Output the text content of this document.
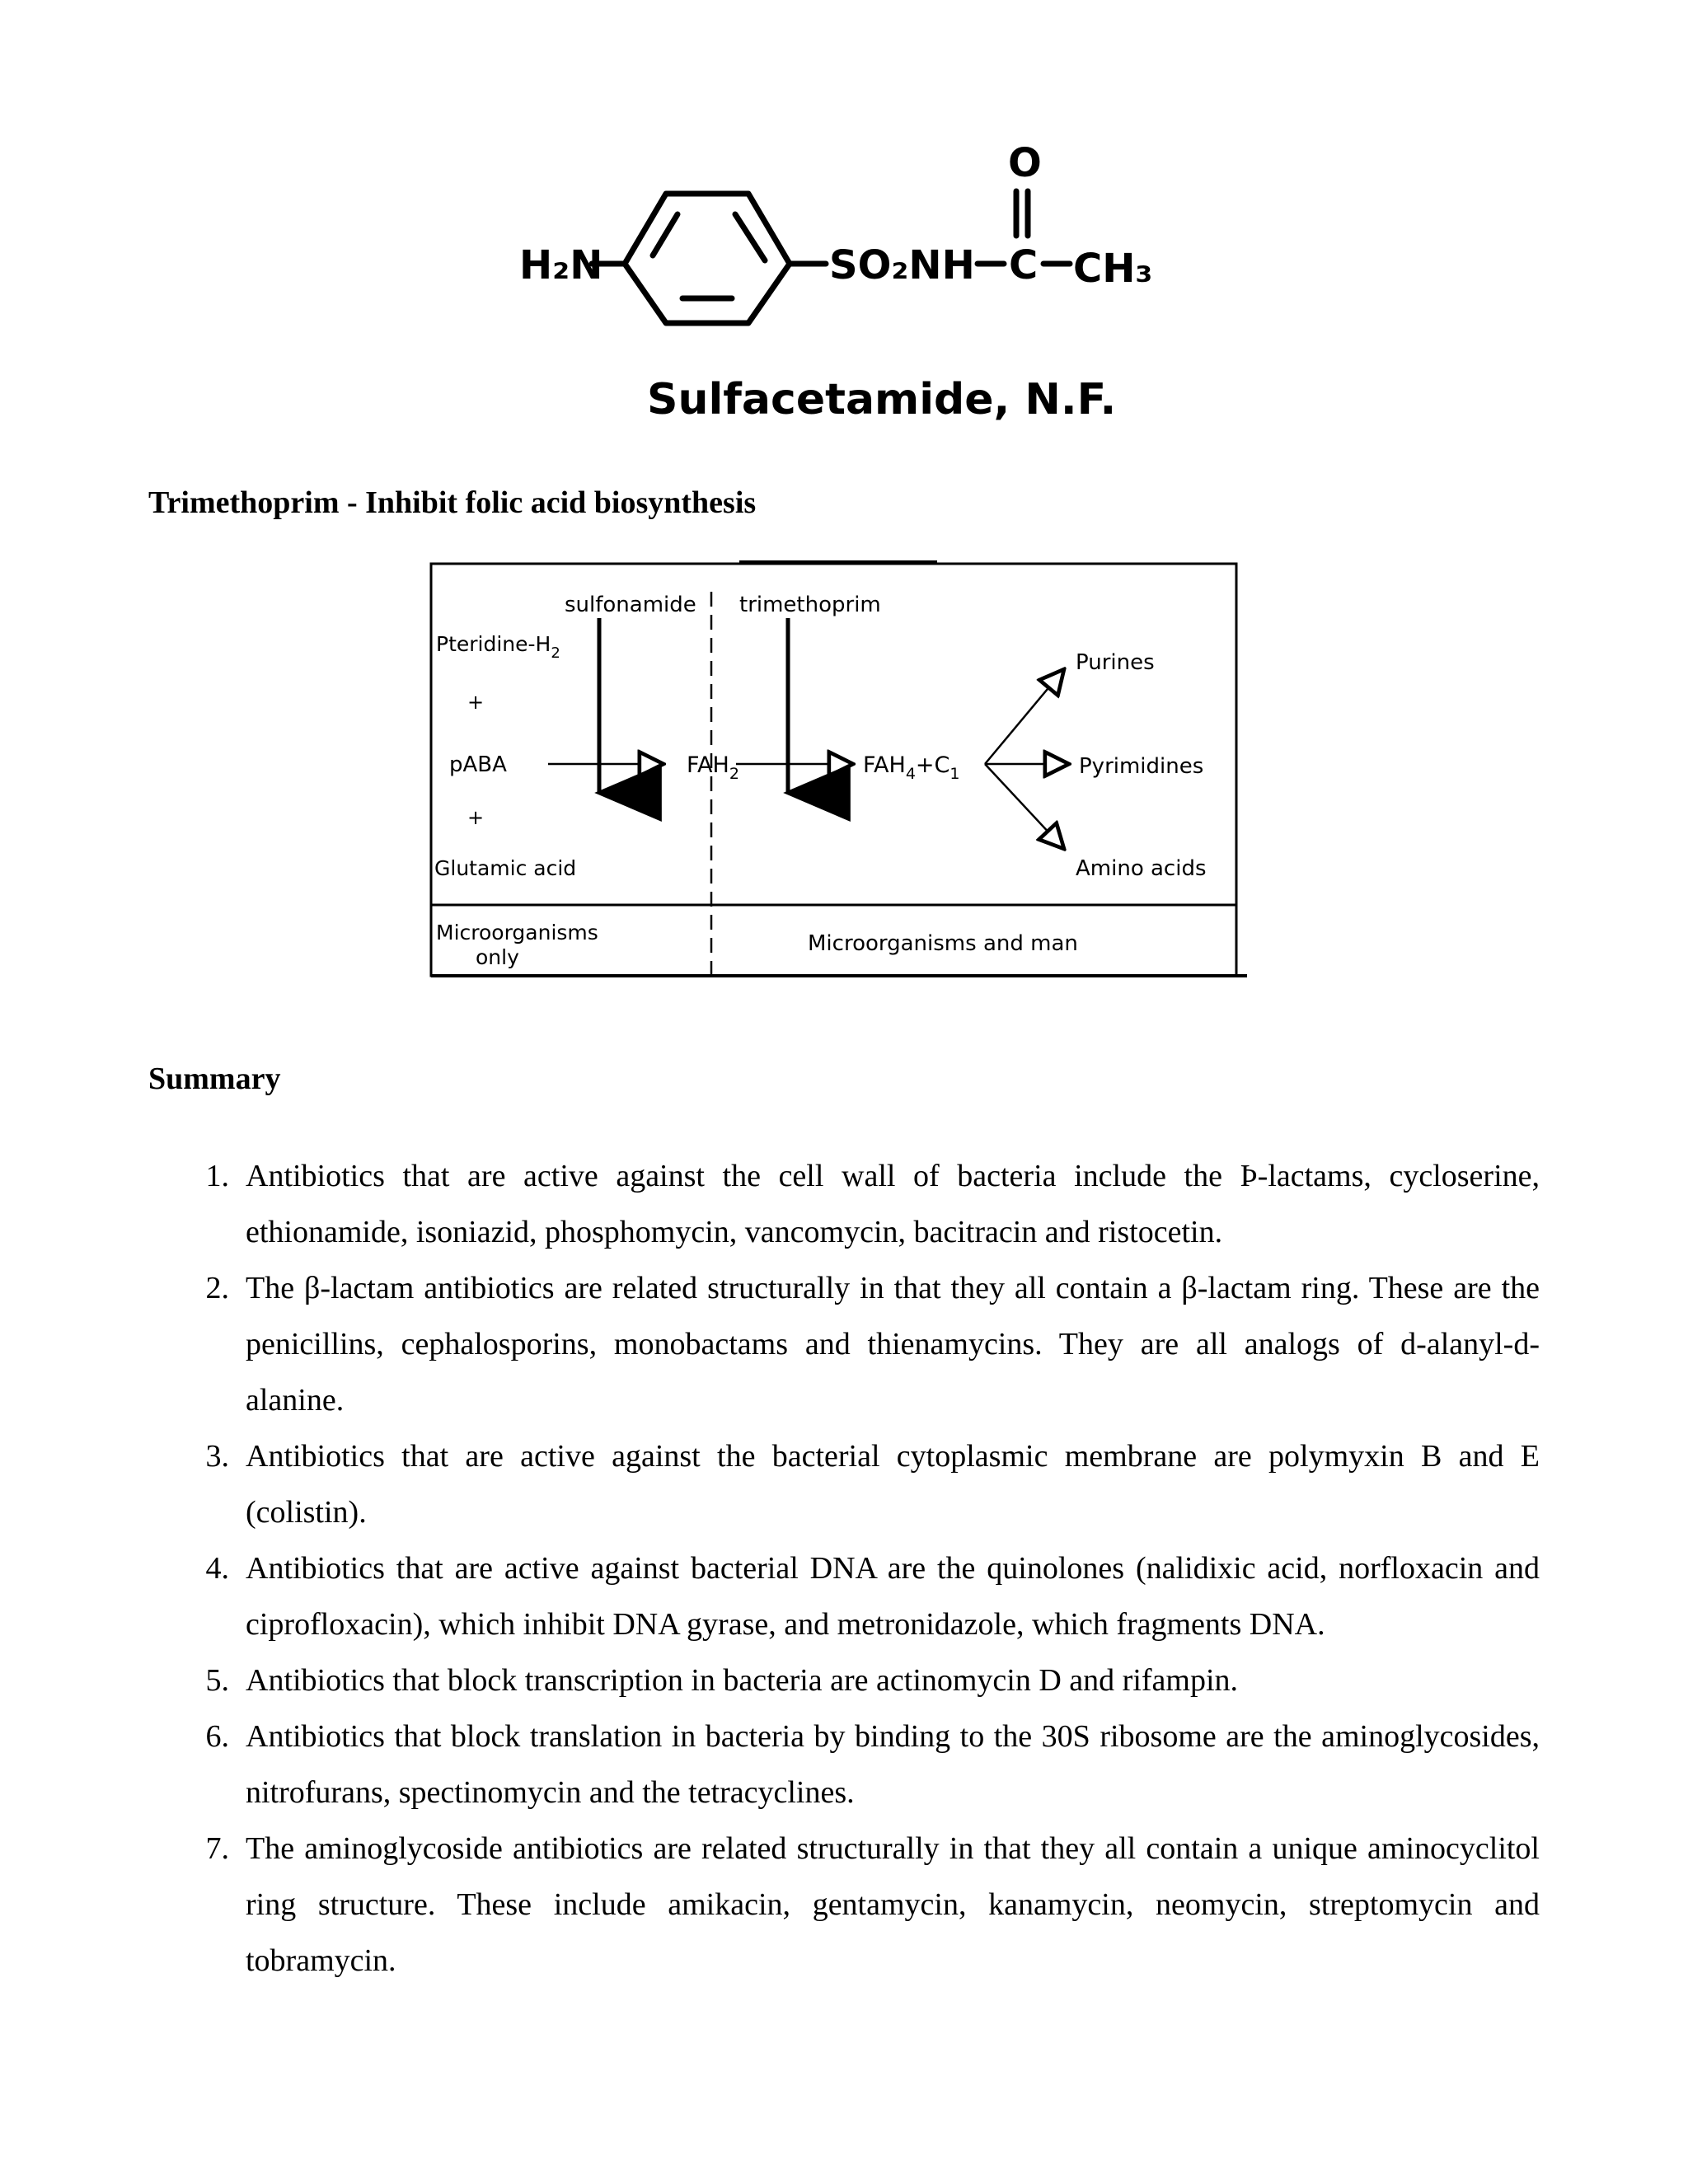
H₂N	SO₂NH C CH₃
O
Sulfacetamide, N.F.
Trimethoprim - Inhibit folic acid biosynthesis
sulfonamide trimethoprim
Pteridine-$H_2$
+
pABA
+
Glutamic acid
$FAH_2$	$FAH_4+C_1$
Purines
Pyrimidines
Amino acids
Microorganisms
only
Microorganisms and man
Summary
1. Antibiotics that are active against the cell wall of bacteria include the Þ-lactams, cycloserine, ethionamide, isoniazid, phosphomycin, vancomycin, bacitracin and ristocetin.
2. The β-lactam antibiotics are related structurally in that they all contain a β-lactam ring. These are the penicillins, cephalosporins, monobactams and thienamycins. They are all analogs of d-alanyl-d-alanine.
3. Antibiotics that are active against the bacterial cytoplasmic membrane are polymyxin B and E (colistin).
4. Antibiotics that are active against bacterial DNA are the quinolones (nalidixic acid, norfloxacin and ciprofloxacin), which inhibit DNA gyrase, and metronidazole, which fragments DNA.
5. Antibiotics that block transcription in bacteria are actinomycin D and rifampin.
6. Antibiotics that block translation in bacteria by binding to the 30S ribosome are the aminoglycosides, nitrofurans, spectinomycin and the tetracyclines.
7. The aminoglycoside antibiotics are related structurally in that they all contain a unique aminocyclitol ring structure. These include amikacin, gentamycin, kanamycin, neomycin, streptomycin and tobramycin.
